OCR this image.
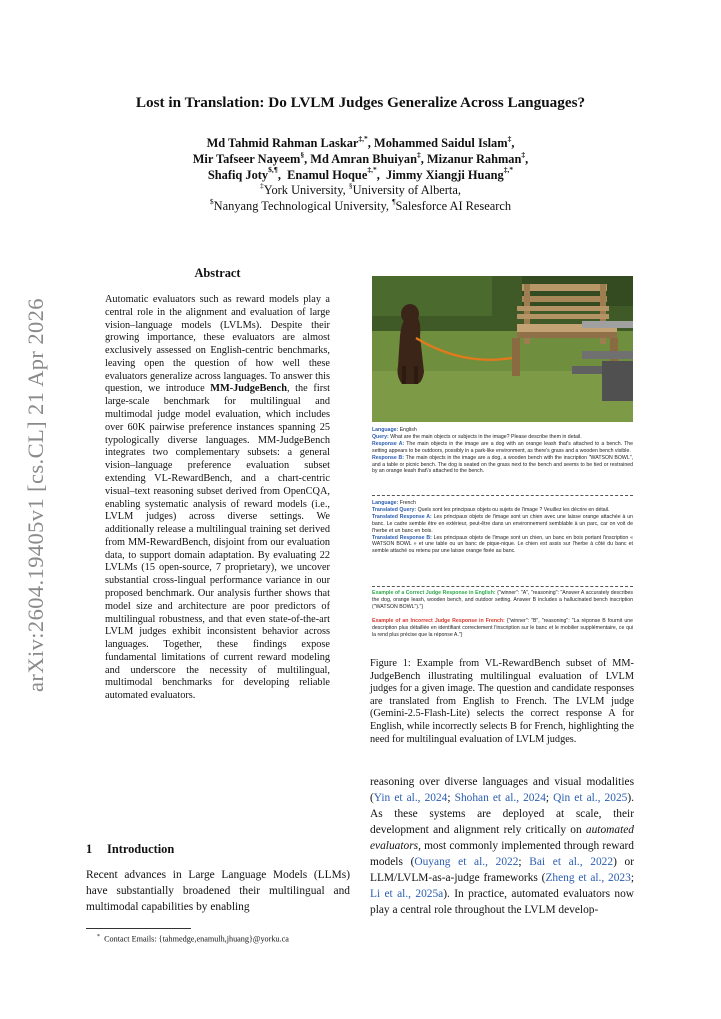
arXiv:2604.19405v1 [cs.CL] 21 Apr 2026
Lost in Translation: Do LVLM Judges Generalize Across Languages?
Md Tahmid Rahman Laskar‡,*, Mohammed Saidul Islam‡,
Mir Tafseer Nayeem§, Md Amran Bhuiyan‡, Mizanur Rahman‡,
Shafiq Joty$,¶,  Enamul Hoque‡,*,  Jimmy Xiangji Huang‡,*
‡York University, §University of Alberta,
$Nanyang Technological University, ¶Salesforce AI Research
Abstract
Automatic evaluators such as reward models play a central role in the alignment and evaluation of large vision–language models (LVLMs). Despite their growing importance, these evaluators are almost exclusively assessed on English-centric benchmarks, leaving open the question of how well these evaluators generalize across languages. To answer this question, we introduce MM-JudgeBench, the first large-scale benchmark for multilingual and multimodal judge model evaluation, which includes over 60K pairwise preference instances spanning 25 typologically diverse languages. MM-JudgeBench integrates two complementary subsets: a general vision–language preference evaluation subset extending VL-RewardBench, and a chart-centric visual–text reasoning subset derived from OpenCQA, enabling systematic analysis of reward models (i.e., LVLM judges) across diverse settings. We additionally release a multilingual training set derived from MM-RewardBench, disjoint from our evaluation data, to support domain adaptation. By evaluating 22 LVLMs (15 open-source, 7 proprietary), we uncover substantial cross-lingual performance variance in our proposed benchmark. Our analysis further shows that model size and architecture are poor predictors of multilingual robustness, and that even state-of-the-art LVLM judges exhibit inconsistent behavior across languages. Together, these findings expose fundamental limitations of current reward modeling and underscore the necessity of multilingual, multimodal benchmarks for developing reliable automated evaluators.
1 Introduction
Recent advances in Large Language Models (LLMs) have substantially broadened their multilingual and multimodal capabilities by enabling
* Contact Emails: {tahmedge,enamulh,jhuang}@yorku.ca
Language: English
Query: What are the main objects or subjects in the image? Please describe them in detail.
Response A: The main objects in the image are a dog with an orange leash that's attached to a bench. The setting appears to be outdoors, possibly in a park-like environment, as there's grass and a wooden bench visible.
Response B: The main objects in the image are a dog, a wooden bench with the inscription "WATSON BOWL", and a table or picnic bench. The dog is seated on the grass next to the bench and seems to be tied or restrained by an orange leash that\'s attached to the bench.
Language: French
Translated Query: Quels sont les principaux objets ou sujets de l'image ? Veuillez les décrire en détail.
Translated Response A: Les principaux objets de l'image sont un chien avec une laisse orange attachée à un banc. Le cadre semble être en extérieur, peut-être dans un environnement semblable à un parc, car on voit de l'herbe et un banc en bois.
Translated Response B: Les principaux objets de l'image sont un chien, un banc en bois portant l'inscription « WATSON BOWL » et une table ou un banc de pique-nique. Le chien est assis sur l'herbe à côté du banc et semble attaché ou retenu par une laisse orange fixée au banc.
Example of a Correct Judge Response in English: {"winner": "A", "reasoning": "Answer A accurately describes the dog, orange leash, wooden bench, and outdoor setting. Answer B includes a hallucinated bench inscription ("WATSON BOWL")."}
Example of an Incorrect Judge Response in French: {"winner": "B", "reasoning": "La réponse B fournit une description plus détaillée en identifiant correctement l'inscription sur le banc et le mobilier supplémentaire, ce qui la rend plus précise que la réponse A."}
Figure 1: Example from VL-RewardBench subset of MM-JudgeBench illustrating multilingual evaluation of LVLM judges for a given image. The question and candidate responses are translated from English to French. The LVLM judge (Gemini-2.5-Flash-Lite) selects the correct response A for English, while incorrectly selects B for French, highlighting the need for multilingual evaluation of LVLM judges.
reasoning over diverse languages and visual modalities (Yin et al., 2024; Shohan et al., 2024; Qin et al., 2025). As these systems are deployed at scale, their development and alignment rely critically on automated evaluators, most commonly implemented through reward models (Ouyang et al., 2022; Bai et al., 2022) or LLM/LVLM-as-a-judge frameworks (Zheng et al., 2023; Li et al., 2025a). In practice, automated evaluators now play a central role throughout the LVLM develop-
